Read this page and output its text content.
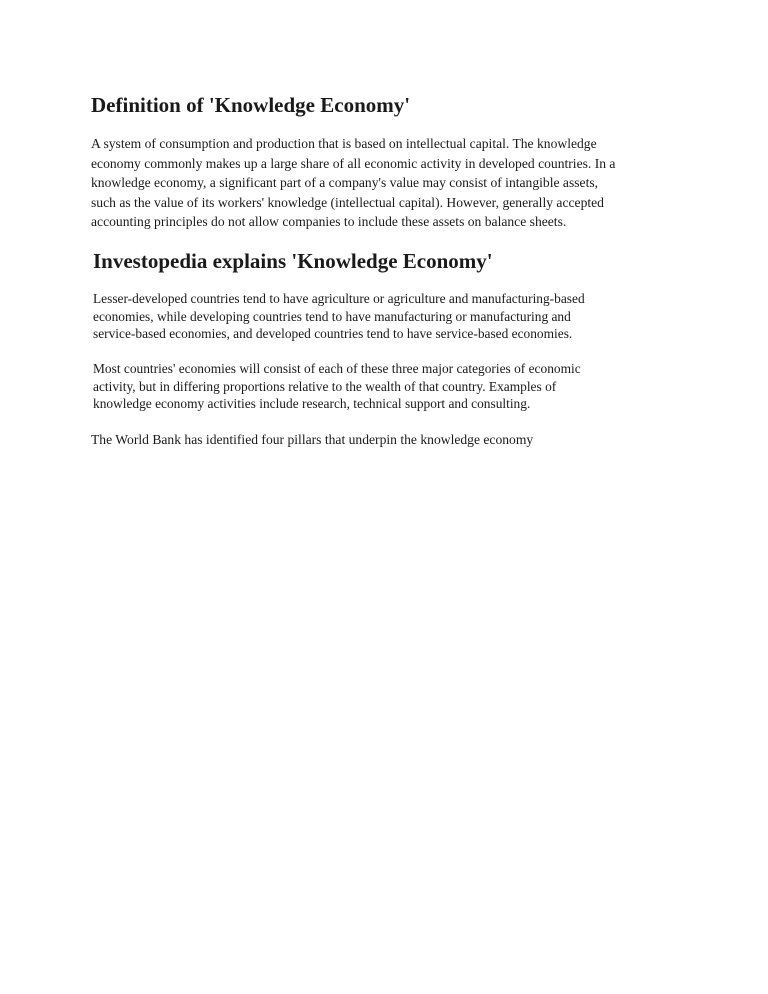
Definition of 'Knowledge Economy'

A system of consumption and production that is based on intellectual capital. The knowledge
economy commonly makes up a large share of all economic activity in developed countries. In a
knowledge economy, a significant part of a company's value may consist of intangible assets,
such as the value of its workers' knowledge (intellectual capital). However, generally accepted
accounting principles do not allow companies to include these assets on balance sheets.

Investopedia explains 'Knowledge Economy'

Lesser-developed countries tend to have agriculture or agriculture and manufacturing-based
economies, while developing countries tend to have manufacturing or manufacturing and
service-based economies, and developed countries tend to have service-based economies.

Most countries' economies will consist of each of these three major categories of economic
activity, but in differing proportions relative to the wealth of that country. Examples of
knowledge economy activities include research, technical support and consulting.

The World Bank has identified four pillars that underpin the knowledge economy
